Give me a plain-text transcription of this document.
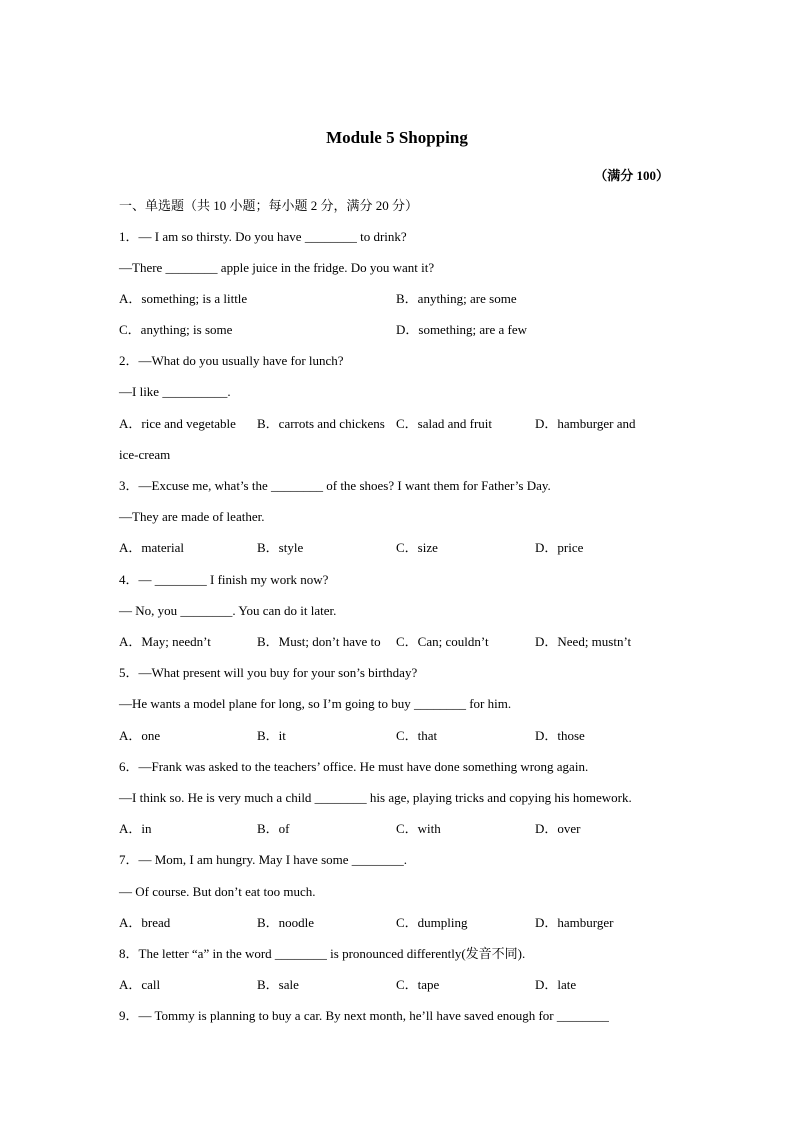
Module 5 Shopping
（满分 100）
一、单选题（共 10 小题；每小题 2 分，满分 20 分）
1．— I am so thirsty. Do you have ________ to drink?
—There ________ apple juice in the fridge. Do you want it?
A．something; is a little	B．anything; are some
C．anything; is some	D．something; are a few
2．—What do you usually have for lunch?
—I like __________.
A．rice and vegetable B．carrots and chickens C．salad and fruit	D．hamburger and
ice-cream
3．—Excuse me, what’s the ________ of the shoes? I want them for Father’s Day.
—They are made of leather.
A．material	B．style	C．size	D．price
4．— ________ I finish my work now?
— No, you ________. You can do it later.
A．May; needn’t	B．Must; don’t have to C．Can; couldn’t	D．Need; mustn’t
5．—What present will you buy for your son’s birthday?
—He wants a model plane for long, so I’m going to buy ________ for him.
A．one	B．it	C．that	D．those
6．—Frank was asked to the teachers’ office. He must have done something wrong again.
—I think so. He is very much a child ________ his age, playing tricks and copying his homework.
A．in	B．of	C．with	D．over
7．— Mom, I am hungry. May I have some ________.
— Of course. But don’t eat too much.
A．bread	B．noodle	C．dumpling	D．hamburger
8．The letter “a” in the word ________ is pronounced differently(发音不同).
A．call	B．sale	C．tape	D．late
9．— Tommy is planning to buy a car. By next month, he’ll have saved enough for ________
